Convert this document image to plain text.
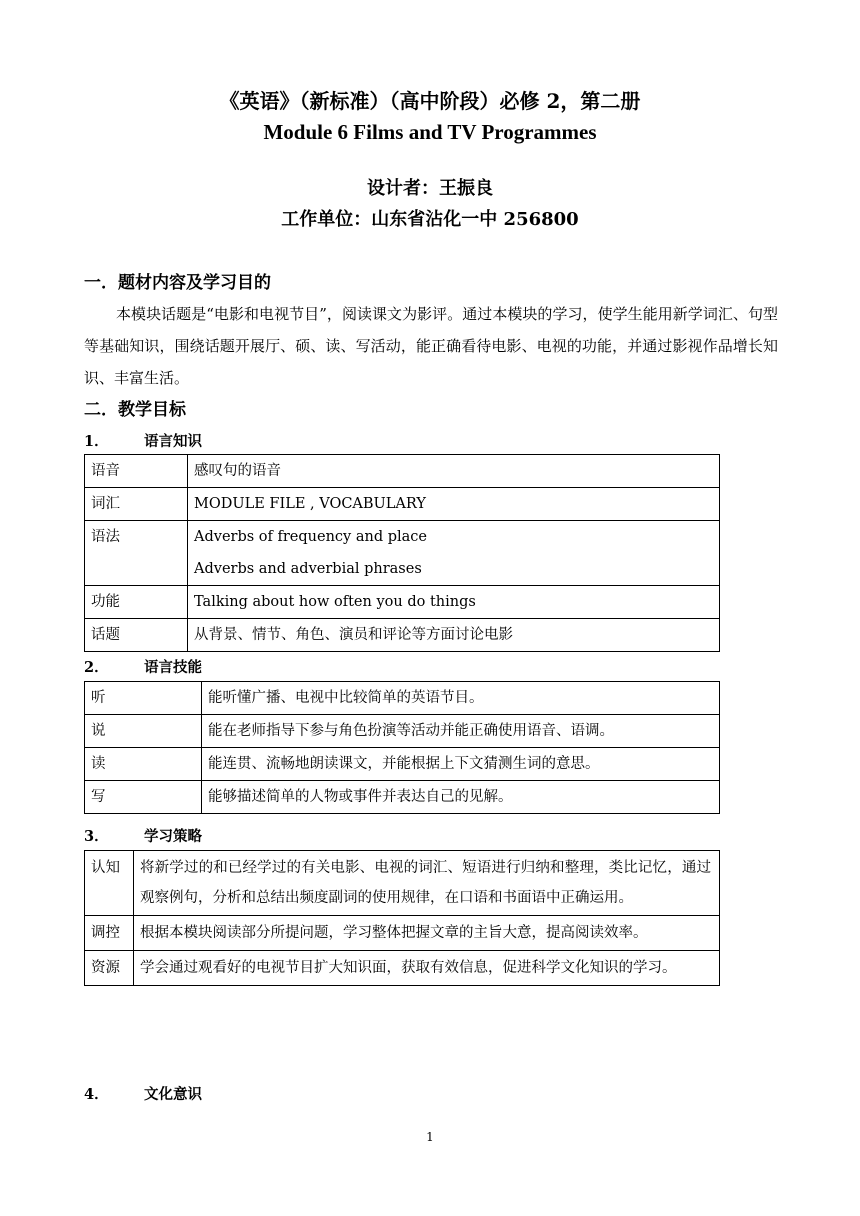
《英语》（新标准）（高中阶段）必修 2，第二册
Module 6 Films and TV Programmes
设计者：王振良
工作单位：山东省沾化一中 256800
一．题材内容及学习目的
本模块话题是“电影和电视节目”，阅读课文为影评。通过本模块的学习，使学生能用新学词汇、句型等基础知识，围绕话题开展厅、硕、读、写活动，能正确看待电影、电视的功能，并通过影视作品增长知识、丰富生活。
二．教学目标
1． 语言知识
语音	感叹句的语音
词汇	MODULE FILE , VOCABULARY
语法	Adverbs of frequency and place
Adverbs and adverbial phrases

功能	Talking about how often you do things
话题	从背景、情节、角色、演员和评论等方面讨论电影
2． 语言技能
听	能听懂广播、电视中比较简单的英语节目。
说	能在老师指导下参与角色扮演等活动并能正确使用语音、语调。
读	能连贯、流畅地朗读课文，并能根据上下文猜测生词的意思。
写	能够描述简单的人物或事件并表达自己的见解。
3． 学习策略
认知	将新学过的和已经学过的有关电影、电视的词汇、短语进行归纳和整理，类比记忆，通过观察例句，分析和总结出频度副词的使用规律，在口语和书面语中正确运用。
调控	根据本模块阅读部分所提问题，学习整体把握文章的主旨大意，提高阅读效率。
资源	学会通过观看好的电视节目扩大知识面，获取有效信息，促进科学文化知识的学习。
4． 文化意识
1
